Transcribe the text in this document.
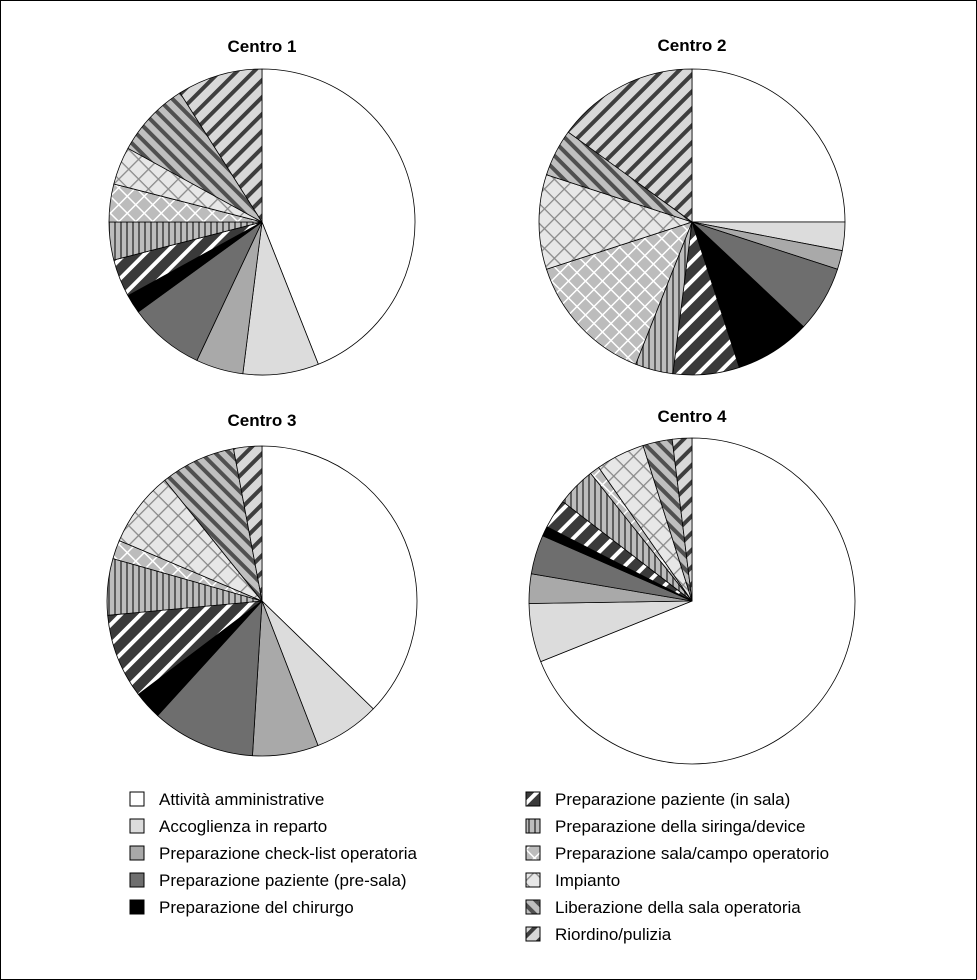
Centro 1	Centro 2
Centro 3	Centro 4
Attività amministrative
Accoglienza in reparto
Preparazione check-list operatoria
Preparazione paziente (pre-sala)
Preparazione del chirurgo
Preparazione paziente (in sala)
Preparazione della siringa/device
Preparazione sala/campo operatorio
Impianto
Liberazione della sala operatoria
Riordino/pulizia
